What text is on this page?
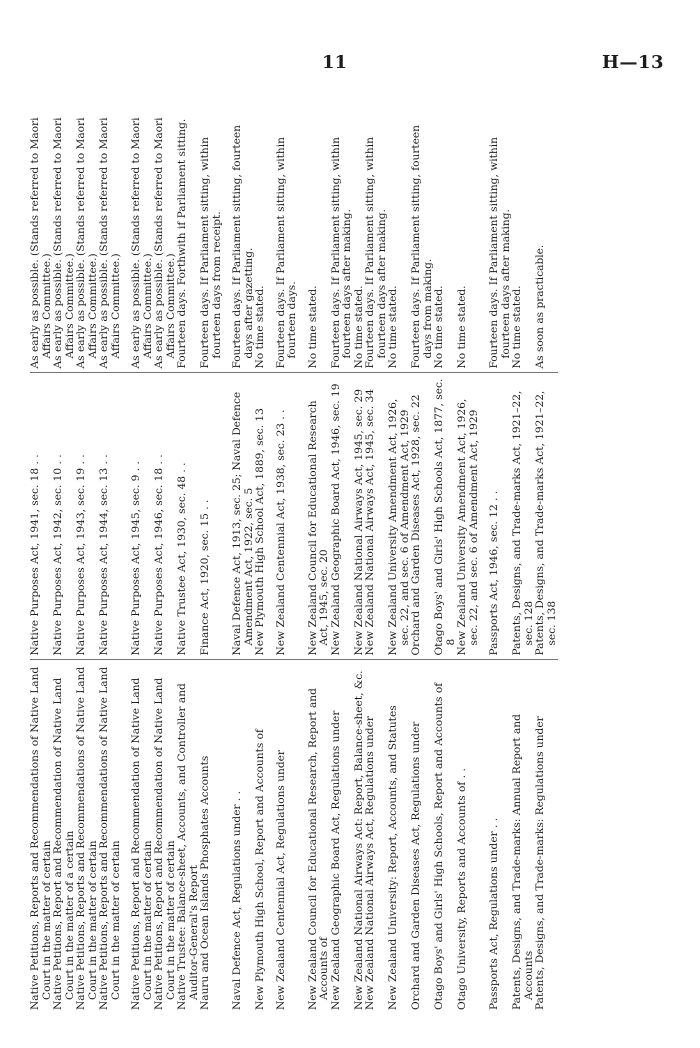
11	H—13
Native Petitions, Reports and Recommendations of Native Land Court in the matter of certain	Native Purposes Act, 1941, sec. 18 . .	As early as possible. (Stands referred to Maori Affairs Committee.)

Native Petitions, Report and Recommendation of Native Land Court in the matter of a certain	Native Purposes Act, 1942, sec. 10 . .	As early as possible. (Stands referred to Maori Affairs Committee.)

Native Petitions, Reports and Recommendations of Native Land Court in the matter of certain	Native Purposes Act, 1943, sec. 19 . .	As early as possible. (Stands referred to Maori Affairs Committee.)

Native Petitions, Reports and Recommendations of Native Land Court in the matter of certain	Native Purposes Act, 1944, sec. 13 . .	As early as possible. (Stands referred to Maori Affairs Committee.)

Native Petitions, Report and Recommendation of Native Land Court in the matter of certain	Native Purposes Act, 1945, sec. 9 . .	As early as possible. (Stands referred to Maori Affairs Committee.)

Native Petitions, Report and Recommendation of Native Land Court in the matter of certain	Native Purposes Act, 1946, sec. 18 . .	As early as possible. (Stands referred to Maori Affairs Committee.)

Native Trustee: Balance-sheet, Accounts, and Controller and Auditor-General's Report	Native Trustee Act, 1930, sec. 48 . .	Fourteen days. Forthwith if Parliament sitting.

Nauru and Ocean Islands Phosphates Accounts	Finance Act, 1920, sec. 15 . .	Fourteen days. If Parliament sitting, within fourteen days from receipt.

Naval Defence Act, Regulations under . .	Naval Defence Act, 1913, sec. 25; Naval Defence Amendment Act, 1922, sec. 5	Fourteen days. If Parliament sitting, fourteen days after gazetting.

New Plymouth High School, Report and Accounts of	New Plymouth High School Act, 1889, sec. 13	No time stated.

New Zealand Centennial Act, Regulations under	New Zealand Centennial Act, 1938, sec. 23 . .	Fourteen days. If Parliament sitting, within fourteen days.

New Zealand Council for Educational Research, Report and Accounts of	New Zealand Council for Educational Research Act, 1945, sec. 20	No time stated.

New Zealand Geographic Board Act, Regulations under	New Zealand Geographic Board Act, 1946, sec. 19	Fourteen days. If Parliament sitting, within fourteen days after making.

New Zealand National Airways Act: Report, Balance-sheet, &c.	New Zealand National Airways Act, 1945, sec. 29	No time stated.

New Zealand National Airways Act, Regulations under	New Zealand National Airways Act, 1945, sec. 34	Fourteen days. If Parliament sitting, within fourteen days after making.

New Zealand University: Report, Accounts, and Statutes	New Zealand University Amendment Act, 1926, sec. 22, and sec. 6 of Amendment Act, 1929	No time stated.

Orchard and Garden Diseases Act, Regulations under	Orchard and Garden Diseases Act, 1928, sec. 22	Fourteen days. If Parliament sitting, fourteen days from making.

Otago Boys' and Girls' High Schools, Report and Accounts of	Otago Boys' and Girls' High Schools Act, 1877, sec. 8	No time stated.

Otago University, Reports and Accounts of . .	New Zealand University Amendment Act, 1926, sec. 22, and sec. 6 of Amendment Act, 1929	No time stated.

Passports Act, Regulations under . .	Passports Act, 1946, sec. 12 . .	Fourteen days. If Parliament sitting, within fourteen days after making.

Patents, Designs, and Trade-marks: Annual Report and Accounts	Patents, Designs, and Trade-marks Act, 1921–22, sec. 128	No time stated.

Patents, Designs, and Trade-marks: Regulations under	Patents, Designs, and Trade-marks Act, 1921–22, sec. 138	As soon as practicable.
